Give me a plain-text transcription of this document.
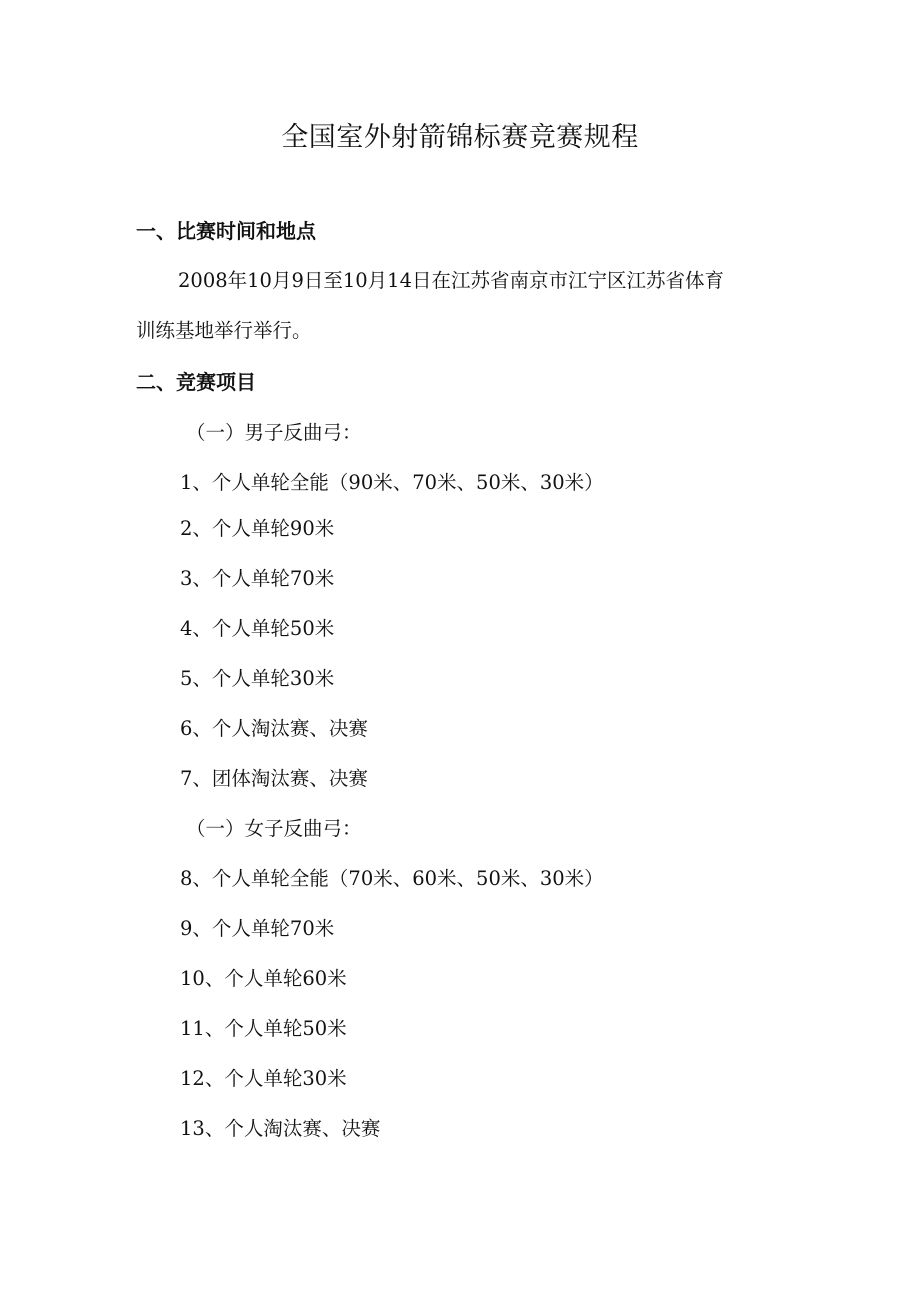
全国室外射箭锦标赛竞赛规程
一、比赛时间和地点

2008年10月9日至10月14日在江苏省南京市江宁区江苏省体育

训练基地举行举行。

二、竞赛项目

（一）男子反曲弓：

1、个人单轮全能（90米、70米、50米、30米）

2、个人单轮90米

3、个人单轮70米

4、个人单轮50米

5、个人单轮30米

6、个人淘汰赛、决赛

7、团体淘汰赛、决赛

（一）女子反曲弓：

8、个人单轮全能（70米、60米、50米、30米）

9、个人单轮70米

10、个人单轮60米

11、个人单轮50米

12、个人单轮30米

13、个人淘汰赛、决赛
